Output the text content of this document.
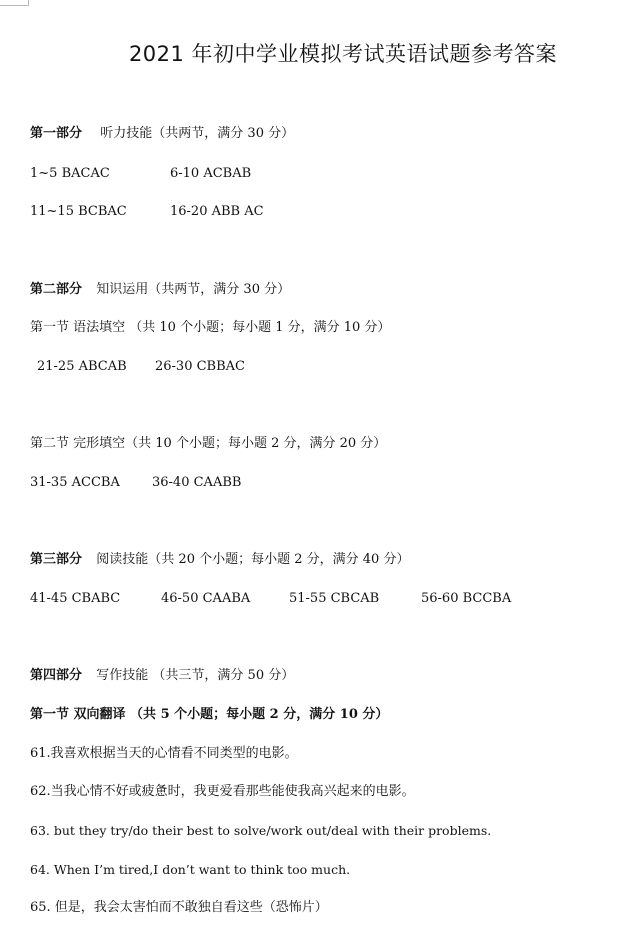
2021 年初中学业模拟考试英语试题参考答案
第一部分 听力技能（共两节，满分 30 分）
1~5 BACAC	6-10 ACBAB
11~15 BCBAC	16-20 ABB AC
第二部分 知识运用（共两节，满分 30 分）
第一节 语法填空 （共 10 个小题；每小题 1 分，满分 10 分）
21-25 ABCAB 26-30 CBBAC
第二节 完形填空（共 10 个小题；每小题 2 分，满分 20 分）
31-35 ACCBA 36-40 CAABB
第三部分 阅读技能（共 20 个小题；每小题 2 分，满分 40 分）
41-45 CBABC	46-50 CAABA	51-55 CBCAB	56-60 BCCBA
第四部分 写作技能 （共三节，满分 50 分）
第一节 双向翻译 （共 5 个小题；每小题 2 分，满分 10 分）
61.我喜欢根据当天的心情看不同类型的电影。
62.当我心情不好或疲惫时，我更爱看那些能使我高兴起来的电影。
63. but they try/do their best to solve/work out/deal with their problems.
64. When I’m tired,I don’t want to think too much.
65. 但是，我会太害怕而不敢独自看这些（恐怖片）
